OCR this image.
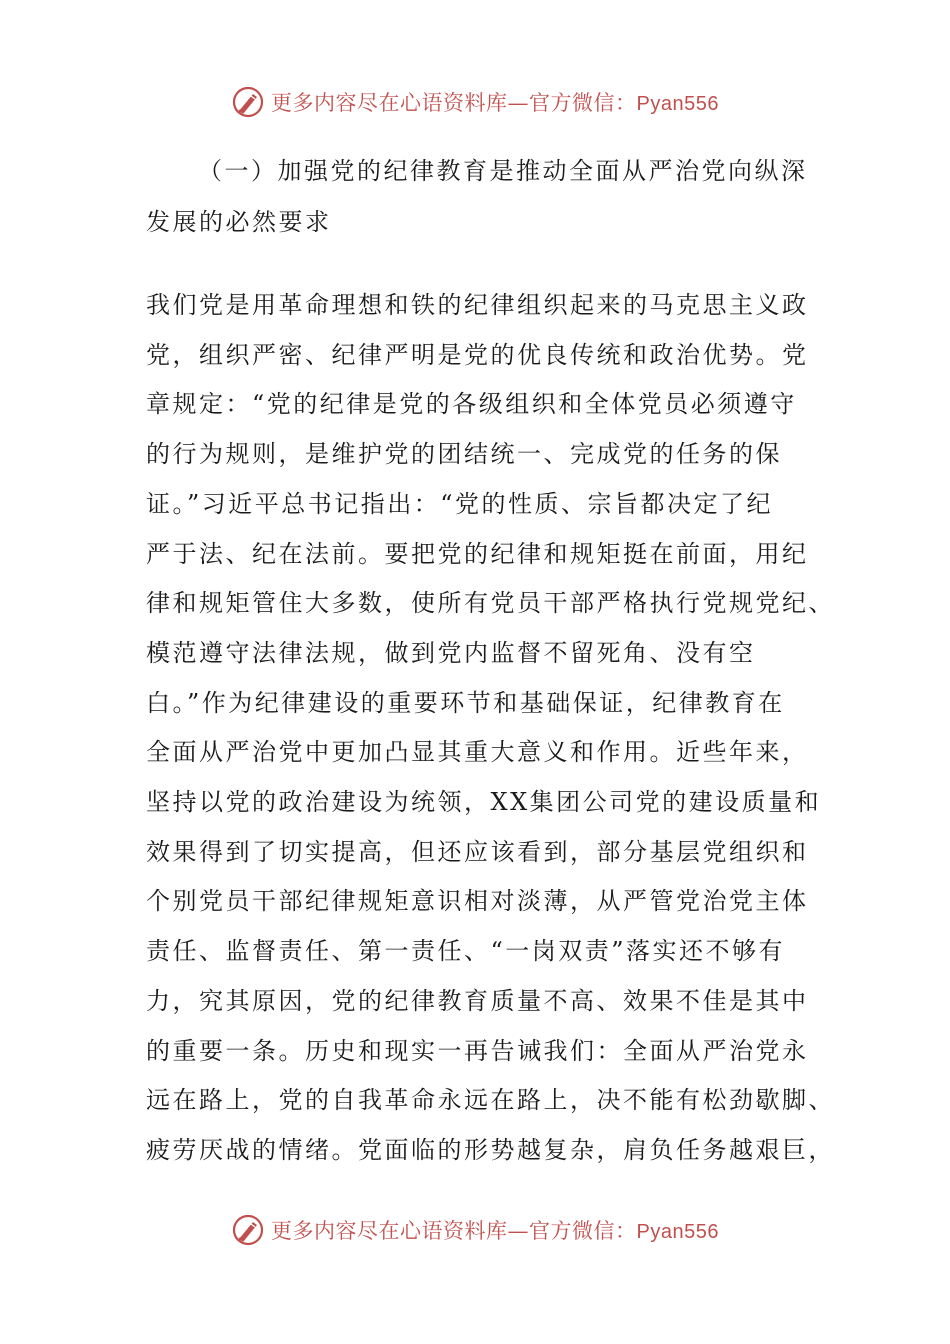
更多内容尽在心语资料库—官方微信：Pyan556
（一）加强党的纪律教育是推动全面从严治党向纵深
发展的必然要求
我们党是用革命理想和铁的纪律组织起来的马克思主义政
党，组织严密、纪律严明是党的优良传统和政治优势。党
章规定：“党的纪律是党的各级组织和全体党员必须遵守
的行为规则，是维护党的团结统一、完成党的任务的保
证。”习近平总书记指出：“党的性质、宗旨都决定了纪
严于法、纪在法前。要把党的纪律和规矩挺在前面，用纪
律和规矩管住大多数，使所有党员干部严格执行党规党纪、
模范遵守法律法规，做到党内监督不留死角、没有空
白。”作为纪律建设的重要环节和基础保证，纪律教育在
全面从严治党中更加凸显其重大意义和作用。近些年来，
坚持以党的政治建设为统领，XX集团公司党的建设质量和
效果得到了切实提高，但还应该看到，部分基层党组织和
个别党员干部纪律规矩意识相对淡薄，从严管党治党主体
责任、监督责任、第一责任、“一岗双责”落实还不够有
力，究其原因，党的纪律教育质量不高、效果不佳是其中
的重要一条。历史和现实一再告诫我们：全面从严治党永
远在路上，党的自我革命永远在路上，决不能有松劲歇脚、
疲劳厌战的情绪。党面临的形势越复杂，肩负任务越艰巨，
更多内容尽在心语资料库—官方微信：Pyan556
